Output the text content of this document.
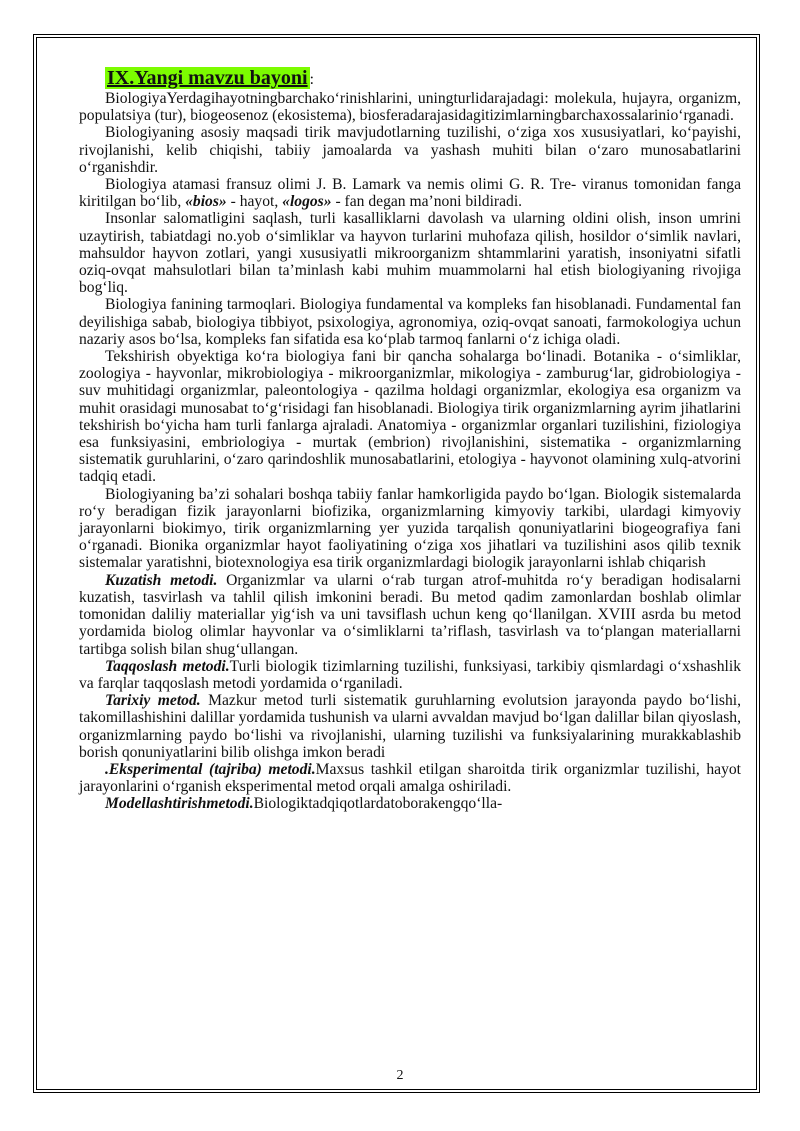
IX.Yangi mavzu bayoni :

BiologiyaYerdagihayotningbarchako‘rinishlarini, uningturlidarajadagi: molekula, hujayra, organizm, populatsiya (tur), biogeosenoz (ekosistema), biosferadarajasidagitizimlarningbarchaxossalarinio‘rganadi.

Biologiyaning asosiy maqsadi tirik mavjudotlarning tuzilishi, o‘ziga xos xususiyatlari, ko‘payishi, rivojlanishi, kelib chiqishi, tabiiy jamoalarda va yashash muhiti bilan o‘zaro munosabatlarini o‘rganishdir.

Biologiya atamasi fransuz olimi J. B. Lamark va nemis olimi G. R. Tre- viranus tomonidan fanga kiritilgan bo‘lib, «bios» - hayot, «logos» - fan degan ma’noni bildiradi.

Insonlar salomatligini saqlash, turli kasalliklarni davolash va ularning oldini olish, inson umrini uzaytirish, tabiatdagi no.yob o‘simliklar va hayvon turlarini muhofaza qilish, hosildor o‘simlik navlari, mahsuldor hayvon zotlari, yangi xususiyatli mikroorganizm shtammlarini yaratish, insoniyatni sifatli oziq-ovqat mahsulotlari bilan ta’minlash kabi muhim muammolarni hal etish biologiyaning rivojiga bog‘liq.

Biologiya fanining tarmoqlari. Biologiya fundamental va kompleks fan hisoblanadi. Fundamental fan deyilishiga sabab, biologiya tibbiyot, psixologiya, agronomiya, oziq-ovqat sanoati, farmokologiya uchun nazariy asos bo‘lsa, kompleks fan sifatida esa ko‘plab tarmoq fanlarni o‘z ichiga oladi.

Tekshirish obyektiga ko‘ra biologiya fani bir qancha sohalarga bo‘linadi. Botanika - o‘simliklar, zoologiya - hayvonlar, mikrobiologiya - mikroorganizmlar, mikologiya - zamburug‘lar, gidrobiologiya - suv muhitidagi organizmlar, paleontologiya - qazilma holdagi organizmlar, ekologiya esa organizm va muhit orasidagi munosabat to‘g‘risidagi fan hisoblanadi. Biologiya tirik organizmlarning ayrim jihatlarini tekshirish bo‘yicha ham turli fanlarga ajraladi. Anatomiya - organizmlar organlari tuzilishini, fiziologiya esa funksiyasini, embriologiya - murtak (embrion) rivojlanishini, sistematika - organizmlarning sistematik guruhlarini, o‘zaro qarindoshlik munosabatlarini, etologiya - hayvonot olamining xulq-atvorini tadqiq etadi.

Biologiyaning ba’zi sohalari boshqa tabiiy fanlar hamkorligida paydo bo‘lgan. Biologik sistemalarda ro‘y beradigan fizik jarayonlarni biofizika, organizmlarning kimyoviy tarkibi, ulardagi kimyoviy jarayonlarni biokimyo, tirik organizmlarning yer yuzida tarqalish qonuniyatlarini biogeografiya fani o‘rganadi. Bionika organizmlar hayot faoliyatining o‘ziga xos jihatlari va tuzilishini asos qilib texnik sistemalar yaratishni, biotexnologiya esa tirik organizmlardagi biologik jarayonlarni ishlab chiqarish

Kuzatish metodi. Organizmlar va ularni o‘rab turgan atrof-muhitda ro‘y beradigan hodisalarni kuzatish, tasvirlash va tahlil qilish imkonini beradi. Bu metod qadim zamonlardan boshlab olimlar tomonidan daliliy materiallar yig‘ish va uni tavsiflash uchun keng qo‘llanilgan. XVIII asrda bu metod yordamida biolog olimlar hayvonlar va o‘simliklarni ta’riflash, tasvirlash va to‘plangan materiallarni tartibga solish bilan shug‘ullangan.

Taqqoslash metodi.Turli biologik tizimlarning tuzilishi, funksiyasi, tarkibiy qismlardagi o‘xshashlik va farqlar taqqoslash metodi yordamida o‘rganiladi.

Tarixiy metod. Mazkur metod turli sistematik guruhlarning evolutsion jarayonda paydo bo‘lishi, takomillashishini dalillar yordamida tushunish va ularni avvaldan mavjud bo‘lgan dalillar bilan qiyoslash, organizmlarning paydo bo‘lishi va rivojlanishi, ularning tuzilishi va funksiyalarining murakkablashib borish qonuniyatlarini bilib olishga imkon beradi

.Eksperimental (tajriba) metodi.Maxsus tashkil etilgan sharoitda tirik organizmlar tuzilishi, hayot jarayonlarini o‘rganish eksperimental metod orqali amalga oshiriladi.

Modellashtirishmetodi.Biologiktadqiqotlardatoborakengqo‘lla-

2
